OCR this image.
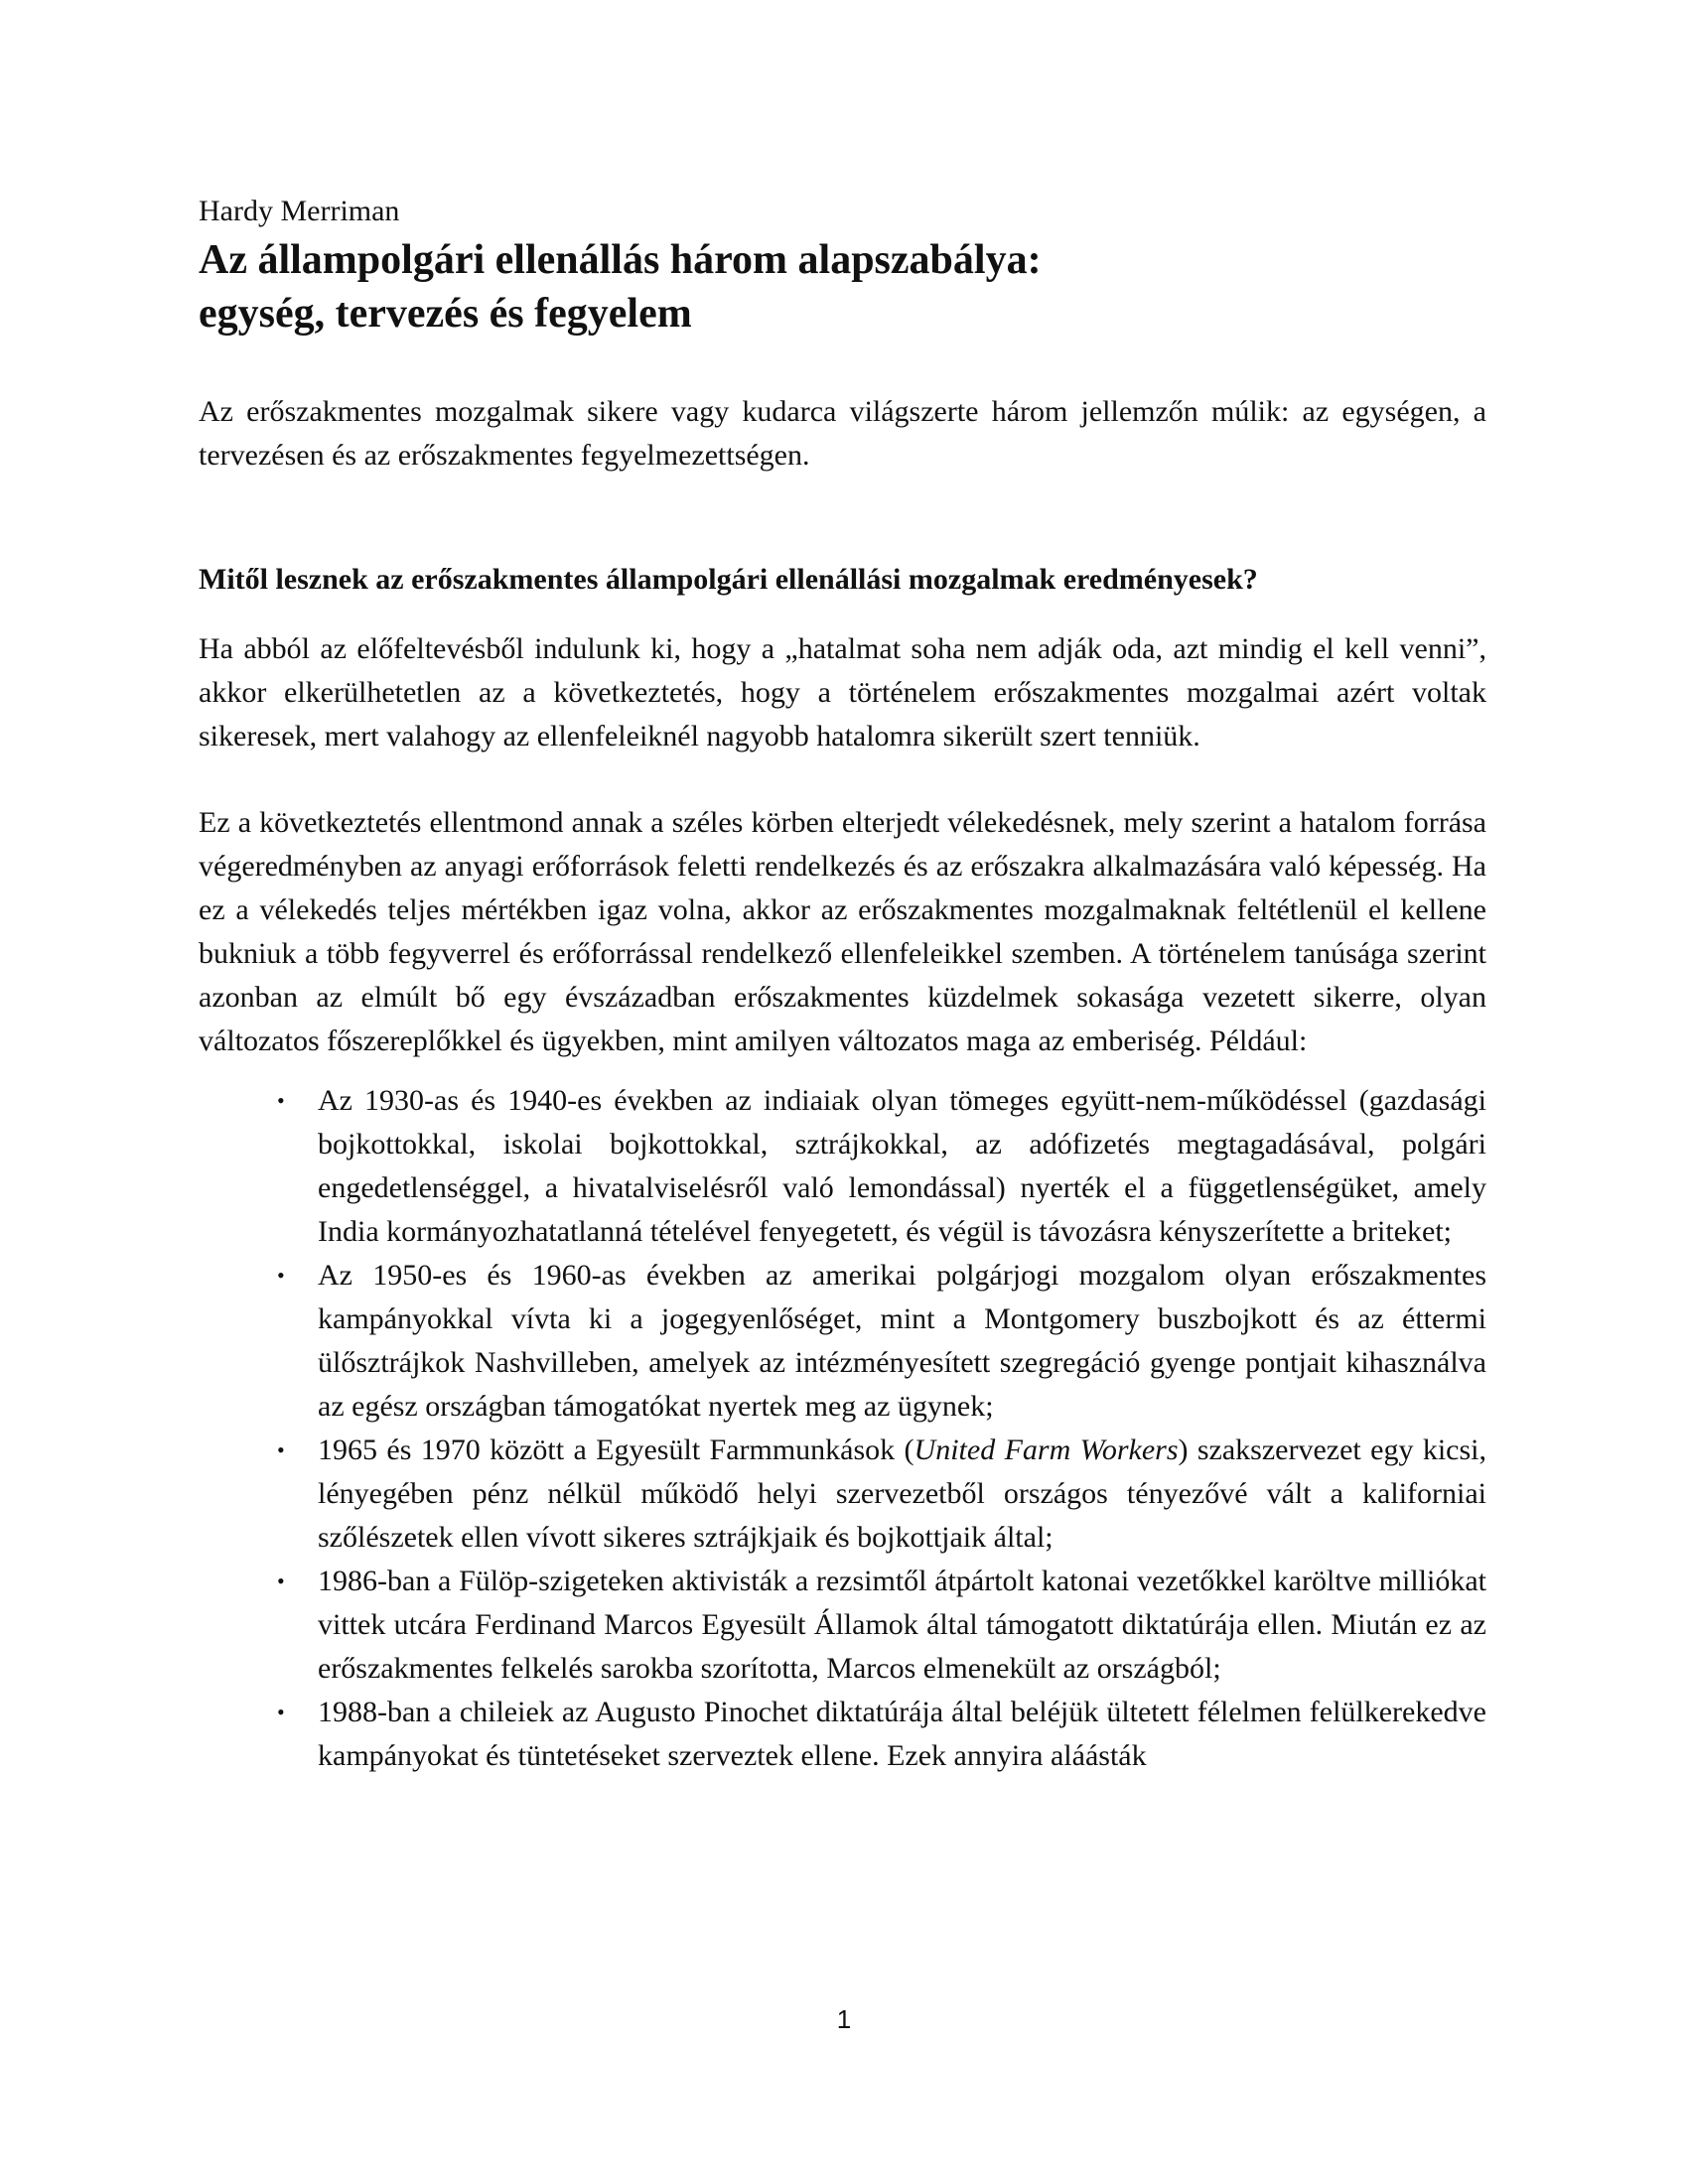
Hardy Merriman

Az állampolgári ellenállás három alapszabálya:
egység, tervezés és fegyelem

Az erőszakmentes mozgalmak sikere vagy kudarca világszerte három jellemzőn múlik: az egységen, a tervezésen és az erőszakmentes fegyelmezettségen.

Mitől lesznek az erőszakmentes állampolgári ellenállási mozgalmak eredményesek?

Ha abból az előfeltevésből indulunk ki, hogy a „hatalmat soha nem adják oda, azt mindig el kell venni”, akkor elkerülhetetlen az a következtetés, hogy a történelem erőszakmentes mozgalmai azért voltak sikeresek, mert valahogy az ellenfeleiknél nagyobb hatalomra sikerült szert tenniük.

Ez a következtetés ellentmond annak a széles körben elterjedt vélekedésnek, mely szerint a hatalom forrása végeredményben az anyagi erőforrások feletti rendelkezés és az erőszakra alkalmazására való képesség. Ha ez a vélekedés teljes mértékben igaz volna, akkor az erőszakmentes mozgalmaknak feltétlenül el kellene bukniuk a több fegyverrel és erőforrással rendelkező ellenfeleikkel szemben. A történelem tanúsága szerint azonban az elmúlt bő egy évszázadban erőszakmentes küzdelmek sokasága vezetett sikerre, olyan változatos főszereplőkkel és ügyekben, mint amilyen változatos maga az emberiség. Például:

• Az 1930-as és 1940-es években az indiaiak olyan tömeges együtt-nem-működéssel (gazdasági bojkottokkal, iskolai bojkottokkal, sztrájkokkal, az adófizetés megtagadásával, polgári engedetlenséggel, a hivatalviselésről való lemondással) nyerték el a függetlenségüket, amely India kormányozhatatlanná tételével fenyegetett, és végül is távozásra kényszerítette a briteket;
• Az 1950-es és 1960-as években az amerikai polgárjogi mozgalom olyan erőszakmentes kampányokkal vívta ki a jogegyenlőséget, mint a Montgomery buszbojkott és az éttermi ülősztrájkok Nashvilleben, amelyek az intézményesített szegregáció gyenge pontjait kihasználva az egész országban támogatókat nyertek meg az ügynek;
• 1965 és 1970 között a Egyesült Farmmunkások (United Farm Workers) szakszervezet egy kicsi, lényegében pénz nélkül működő helyi szervezetből országos tényezővé vált a kaliforniai szőlészetek ellen vívott sikeres sztrájkjaik és bojkottjaik által;
• 1986-ban a Fülöp-szigeteken aktivisták a rezsimtől átpártolt katonai vezetőkkel karöltve milliókat vittek utcára Ferdinand Marcos Egyesült Államok által támogatott diktatúrája ellen. Miután ez az erőszakmentes felkelés sarokba szorította, Marcos elmenekült az országból;
• 1988-ban a chileiek az Augusto Pinochet diktatúrája által beléjük ültetett félelmen felülkerekedve kampányokat és tüntetéseket szerveztek ellene. Ezek annyira aláásták
1
